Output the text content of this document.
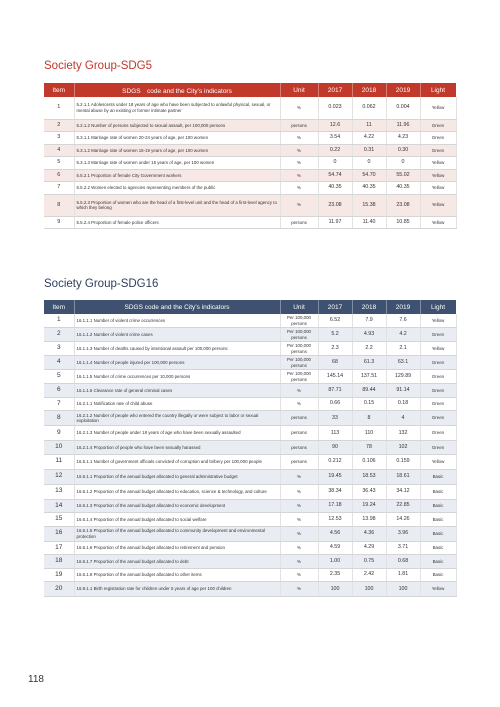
Society Group-SDG5
Item	SDGS　code and the City’s indicators	Unit	2017	2018	2019	Light
1	5.2.1.1 Adolescents under 18 years of age who have been subjected to unlawful physical, sexual, or mental abuse by an existing or former intimate partner	%	0.023	0.062	0.004	Yellow
2	5.2.1.2 Number of persons subjected to sexual assault, per 100,000 persons	persons	12.6	11	11.96	Green
3	5.3.1.1 Marriage rate of women 20-24 years of age, per 100 women	%	3.54	4.22	4.23	Green
4	5.3.1.2 Marriage rate of women 15-19 years of age, per 100 women	%	0.22	0.31	0.30	Green
5	5.3.1.3 Marriage rate of women under 15 years of age, per 100 women	%	0	0	0	Yellow
6	5.5.2.1 Proportion of female City Government workers	%	54.74	54.70	55.02	Yellow
7	5.5.2.2 Women elected to agencies representing members of the public	%	40.35	40.35	40.35	Yellow
8	5.5.2.3 Proportion of women who are the head of a first-level unit and the head of a first-level agency to which they belong	%	23.08	15.38	23.08	Yellow
9	5.5.2.4 Proportion of female police officers	persons	11.97	11.40	10.85	Yellow
Society Group-SDG16
Item	SDGS code and the City’s indicators	Unit	2017	2018	2019	Light
1	16.1.1.1 Number of violent crime occurrences	Per 100,000 persons	6.52	7.9	7.6	Yellow
2	16.1.1.2 Number of violent crime cases	Per 100,000 persons	5.2	4.93	4.2	Green
3	16.1.1.3 Number of deaths caused by intentional assault per 100,000 persons	Per 100,000 persons	2.3	2.2	2.1	Yellow
4	16.1.1.4 Number of people injured per 100,000 persons	Per 100,000 persons	68	61.3	63.1	Green
5	16.1.1.5 Number of crime occurrences per 10,000 persons	Per 100,000 persons	145.14	137.51	129.89	Green
6	16.1.1.6 Clearance rate of general criminal cases	%	87.71	89.44	91.14	Green
7	16.2.1.1 Notification rate of child abuse	%	0.66	0.15	0.18	Green
8	16.2.1.2 Number of people who entered the country illegally or were subject to labor or sexual exploitation	persons	33	8	4	Green
9	16.2.1.3 Number of people under 18 years of age who have been sexually assaulted	persons	113	110	132	Green
10	16.2.1.4 Proportion of people who have been sexually harassed	persons	90	78	102	Green
11	16.5.1.1 Number of government officials convicted of corruption and bribery per 100,000 people	persons	0.212	0.106	0.159	Yellow
12	16.6.1.1 Proportion of the annual budget allocated to general administrative budget	%	19.45	18.53	18.61	Basic
13	16.6.1.2 Proportion of the annual budget allocated to education, science & technology, and culture	%	38.34	36.43	34.12	Basic
14	16.6.1.3 Proportion of the annual budget allocated to economic development	%	17.18	19.24	22.85	Basic
15	16.6.1.4 Proportion of the annual budget allocated to social welfare	%	12.53	13.98	14.26	Basic
16	16.6.1.5 Proportion of the annual budget allocated to community development and environmental protection	%	4.56	4.36	3.96	Basic
17	16.6.1.6 Proportion of the annual budget allocated to retirement and pension	%	4.59	4.29	3.71	Basic
18	16.6.1.7 Proportion of the annual budget allocated to debt	%	1.00	0.75	0.68	Basic
19	16.6.1.8 Proportion of the annual budget allocated to other items	%	2.35	2.42	1.81	Basic
20	16.9.1.1 Birth registration rate for children under 5 years of age per 100 children	%	100	100	100	Yellow
118
